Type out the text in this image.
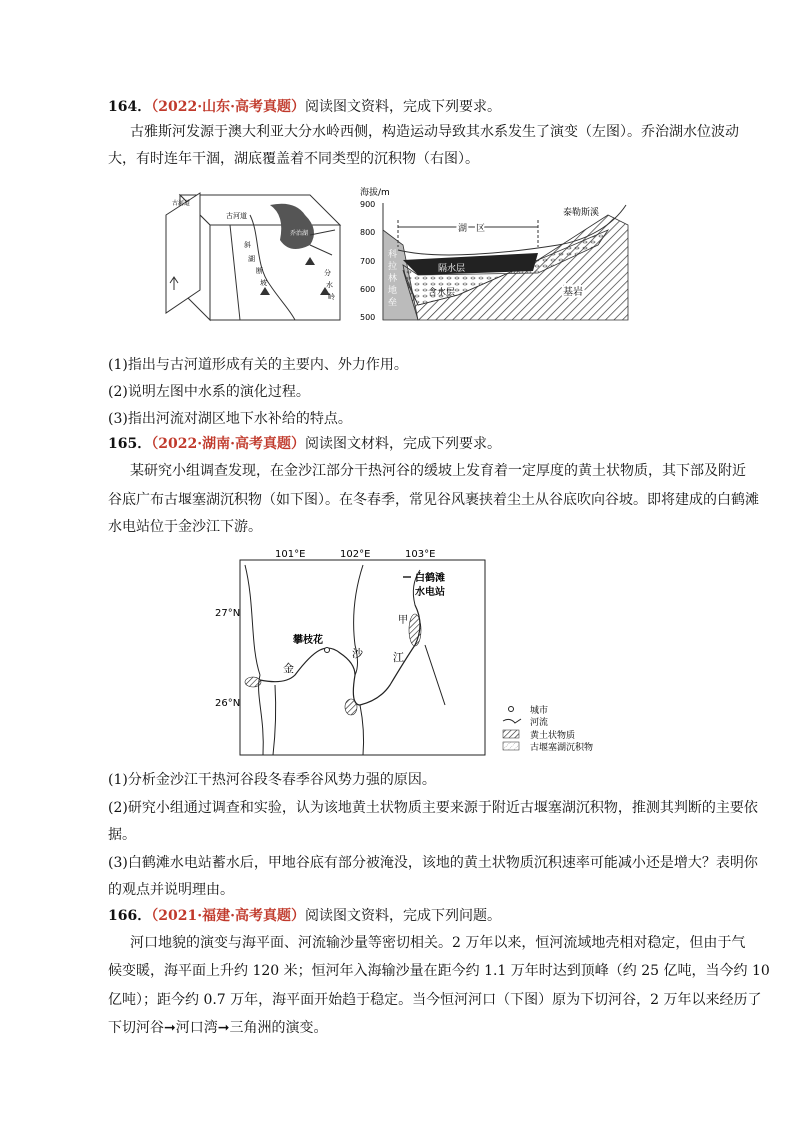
164．（2022·山东·高考真题）阅读图文资料，完成下列要求。
古雅斯河发源于澳大利亚大分水岭西侧，构造运动导致其水系发生了演变（左图）。乔治湖水位波动
大，有时连年干涸，湖底覆盖着不同类型的沉积物（右图）。
古河道
斜
湖
分
水
岭
断
坡
古河道
乔治湖
海拔/m
900
800
700
600
500
湖　区
泰勒斯溪
隔水层
含水层	基岩
科
拉
林
地
垒
(1)指出与古河道形成有关的主要内、外力作用。
(2)说明左图中水系的演化过程。
(3)指出河流对湖区地下水补给的特点。
165．（2022·湖南·高考真题）阅读图文材料，完成下列要求。
某研究小组调查发现，在金沙江部分干热河谷的缓坡上发育着一定厚度的黄土状物质，其下部及附近
谷底广布古堰塞湖沉积物（如下图）。在冬春季，常见谷风裹挟着尘土从谷底吹向谷坡。即将建成的白鹤滩
水电站位于金沙江下游。
101°E	102°E	103°E
27°N
26°N
攀枝花
金
沙	江
甲
白鹤滩
水电站
城市
河流
黄土状物质
古堰塞湖沉积物
(1)分析金沙江干热河谷段冬春季谷风势力强的原因。
(2)研究小组通过调查和实验，认为该地黄土状物质主要来源于附近古堰塞湖沉积物，推测其判断的主要依
据。
(3)白鹤滩水电站蓄水后，甲地谷底有部分被淹没，该地的黄土状物质沉积速率可能减小还是增大？表明你
的观点并说明理由。
166．（2021·福建·高考真题）阅读图文资料，完成下列问题。
河口地貌的演变与海平面、河流输沙量等密切相关。2 万年以来，恒河流域地壳相对稳定，但由于气
候变暖，海平面上升约 120 米；恒河年入海输沙量在距今约 1.1 万年时达到顶峰（约 25 亿吨，当今约 10
亿吨）；距今约 0.7 万年，海平面开始趋于稳定。当今恒河河口（下图）原为下切河谷，2 万年以来经历了
下切河谷➞河口湾➞三角洲的演变。
